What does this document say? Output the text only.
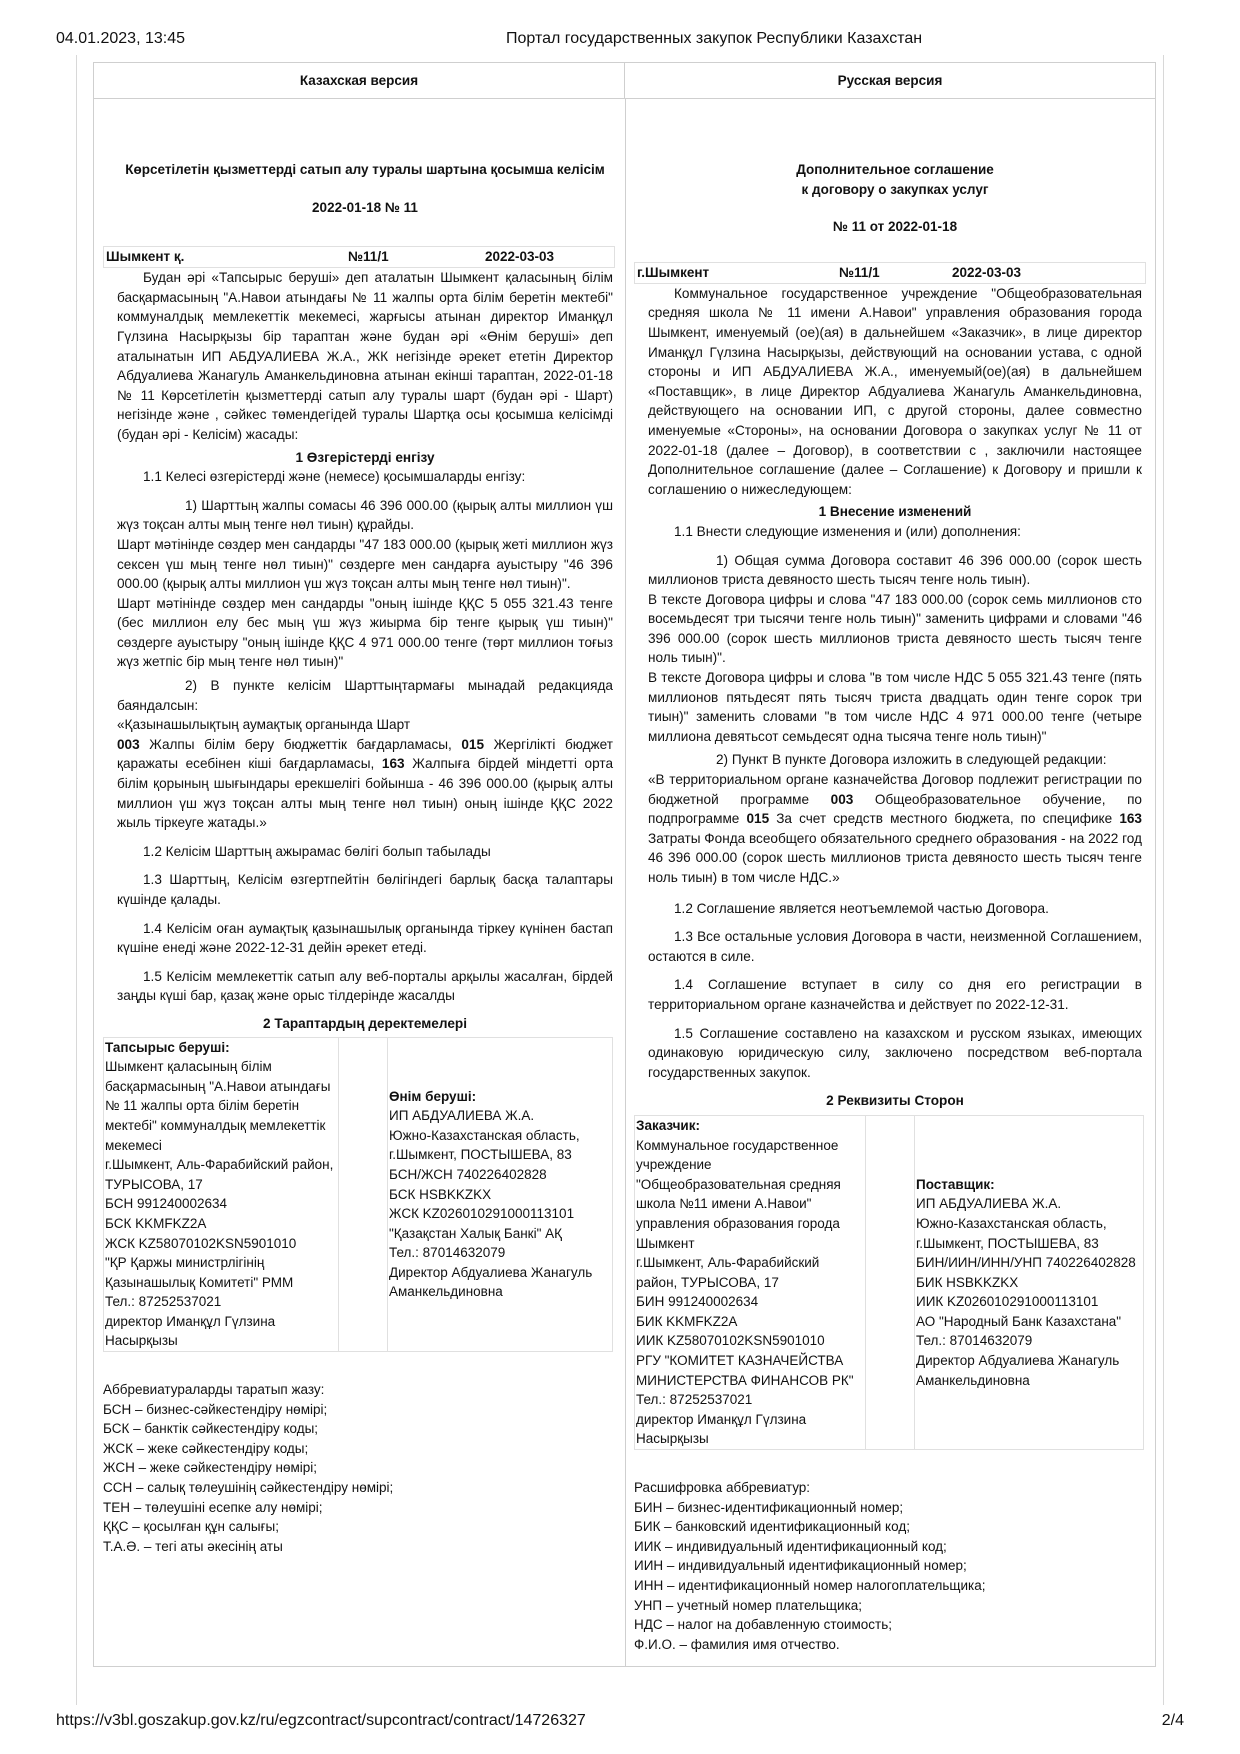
04.01.2023, 13:45	Портал государственных закупок Республики Казахстан
Казахская версия	Русская версия

Көрсетілетін қызметтерді сатып алу туралы шартына қосымша келісім

2022-01-18 № 11

Шымкент қ.	№11/1	2022-03-03

Будан әрі «Тапсырыс беруші» деп аталатын Шымкент қаласының білім басқармасының "А.Навои атындағы № 11 жалпы орта білім беретін мектебі" коммуналдық мемлекеттік мекемесі, жарғысы атынан директор Иманқұл Гүлзина Насырқызы бір тараптан және будан әрі «Өнім беруші» деп аталынатын ИП АБДУАЛИЕВА Ж.А., ЖК негізінде әрекет ететін Директор Абдуалиева Жанагуль Аманкельдиновна атынан екінші тарaптан, 2022-01-18 № 11 Көрсетілетін қызметтерді сатып алу туралы шарт (будан әрі - Шарт) негізінде және , сәйкес төмендегідей туралы Шартқа осы қосымша келісімді (будан әрі - Келісім) жасады:

1 Өзгерістерді енгізу

1.1 Келесі өзгерістерді және (немесе) қосымшаларды енгізу:

1) Шарттың жалпы сомасы 46 396 000.00 (қырық алты миллион үш жүз тоқсан алты мың тенге нөл тиын) құрайды.

Шарт мәтінінде сөздер мен сандарды "47 183 000.00 (қырық жеті миллион жүз сексен үш мың тенге нөл тиын)" сөздерге мен сандарға ауыстыру "46 396 000.00 (қырық алты миллион үш жүз тоқсан алты мың тенге нөл тиын)".

Шарт мәтінінде сөздер мен сандарды "оның ішінде ҚҚС 5 055 321.43 тенге (бес миллион елу бес мың үш жүз жиырма бір тенге қырық үш тиын)" сөздерге ауыстыру "оның ішінде ҚҚС 4 971 000.00 тенге (төрт миллион тоғыз жүз жетпіс бір мың тенге нөл тиын)"

2) В пункте келісім Шарттыңтармағы мынадай редакцияда баяндалсын:

«Қазынашылықтың аумақтық органында Шарт

003 Жалпы білім беру бюджеттік бағдарламасы, 015 Жергілікті бюджет қаражаты есебінен кіші бағдарламасы, 163 Жалпыға бірдей міндетті орта білім қорының шығындары ерекшелігі бойынша - 46 396 000.00 (қырық алты миллион үш жүз тоқсан алты мың тенге нөл тиын) оның ішінде ҚҚС 2022 жыль тіркеуге жатады.»

1.2 Келісім Шарттың ажырамас бөлігі болып табылады

1.3 Шарттың, Келісім өзгертпейтін бөлігіндегі барлық басқа талаптары күшінде қалады.

1.4 Келісім оған аумақтық қазынашылық органында тіркеу күнінен бастап күшіне енеді және 2022-12-31 дейін әрекет етеді.

1.5 Келісім мемлекеттік сатып алу веб-порталы арқылы жасалған, бірдей заңды күші бар, қазақ және орыс тілдерінде жасалды

2 Тараптардың деректемелері
Тапсырыс беруші:
Шымкент қаласының білім басқармасының "А.Навои атындағы № 11 жалпы орта білім беретін мектебі" коммуналдық мемлекеттік мекемесі
г.Шымкент, Аль-Фарабийский район, ТУРЫСОВА, 17
БСН 991240002634
БСК KKMFKZ2A
ЖСК KZ58070102KSN5901010
"ҚР Қаржы министрлігінің Қазынашылық Комитеті" РММ
Тел.: 87252537021
директор Иманқұл Гүлзина Насырқызы
		Өнім беруші:
ИП АБДУАЛИЕВА Ж.А.
Южно-Казахстанская область, г.Шымкент, ПОСТЫШЕВА, 83
БСН/ЖСН 740226402828
БСК HSBKKZKX
ЖСК KZ026010291000113101
"Қазақстан Халық Банкі" АҚ
Тел.: 87014632079
Директор Абдуалиева Жанагуль Аманкельдиновна
Аббревиатураларды таратып жазу:
БСН – бизнес-сәйкестендіру нөмірі;
БСК – банктік сәйкестендіру коды;
ЖСК – жеке сәйкестендіру коды;
ЖСН – жеке сәйкестендіру нөмірі;
ССН – салық төлеушінің сәйкестендіру нөмірі;
ТЕН – төлеушіні есепке алу нөмірі;
ҚҚС – қосылған құн салығы;
Т.А.Ә. – тегі аты әкесінің аты

Дополнительное соглашение

к договору о закупках услуг

№ 11 от 2022-01-18

г.Шымкент	№11/1	2022-03-03

Коммунальное государственное учреждение "Общеобразовательная средняя школа № 11 имени А.Навои" управления образования города Шымкент, именуемый (ое)(ая) в дальнейшем «Заказчик», в лице директор Иманқұл Гүлзина Насырқызы, действующий на основании устава, с одной стороны и ИП АБДУАЛИЕВА Ж.А., именуемый(ое)(ая) в дальнейшем «Поставщик», в лице Директор Абдуалиева Жанагуль Аманкельдиновна, действующего на основании ИП, с другой стороны, далее совместно именуемые «Стороны», на основании Договора о закупках услуг № 11 от 2022-01-18 (далее – Договор), в соответствии с , заключили настоящее Дополнительное соглашение (далее – Соглашение) к Договору и пришли к соглашению о нижеследующем:

1 Внесение изменений

1.1 Внести следующие изменения и (или) дополнения:

1) Общая сумма Договора составит 46 396 000.00 (сорок шесть миллионов триста девяносто шесть тысяч тенге ноль тиын).

В тексте Договора цифры и слова "47 183 000.00 (сорок семь миллионов сто восемьдесят три тысячи тенге ноль тиын)" заменить цифрами и словами "46 396 000.00 (сорок шесть миллионов триста девяносто шесть тысяч тенге ноль тиын)".

В тексте Договора цифры и слова "в том числе НДС 5 055 321.43 тенге (пять миллионов пятьдесят пять тысяч триста двадцать один тенге сорок три тиын)" заменить словами "в том числе НДС 4 971 000.00 тенге (четыре миллиона девятьсот семьдесят одна тысяча тенге ноль тиын)"

2) Пункт В пункте Договора изложить в следующей редакции:

«В территориальном органе казначейства Договор подлежит регистрации по бюджетной программе 003 Общеобразовательное обучение, по подпрограмме 015 За счет средств местного бюджета, по специфике 163 Затраты Фонда всеобщего обязательного среднего образования - на 2022 год 46 396 000.00 (сорок шесть миллионов триста девяносто шесть тысяч тенге ноль тиын) в том числе НДС.»

1.2 Соглашение является неотъемлемой частью Договора.

1.3 Все остальные условия Договора в части, неизменной Соглашением, остаются в силе.

1.4 Соглашение вступает в силу со дня его регистрации в территориальном органе казначейства и действует по 2022-12-31.

1.5 Соглашение составлено на казахском и русском языках, имеющих одинаковую юридическую силу, заключено посредством веб-портала государственных закупок.

2 Реквизиты Сторон
Заказчик:
Коммунальное государственное учреждение "Общеобразовательная средняя школа №11 имени А.Навои" управления образования города Шымкент
г.Шымкент, Аль-Фарабийский район, ТУРЫСОВА, 17
БИН 991240002634
БИК KKMFKZ2A
ИИК KZ58070102KSN5901010
РГУ "КОМИТЕТ КАЗНАЧЕЙСТВА МИНИСТЕРСТВА ФИНАНСОВ РК"
Тел.: 87252537021
директор Иманқұл Гүлзина Насырқызы
		Поставщик:
ИП АБДУАЛИЕВА Ж.А.
Южно-Казахстанская область, г.Шымкент, ПОСТЫШЕВА, 83
БИН/ИИН/ИНН/УНП 740226402828
БИК HSBKKZKX
ИИК KZ026010291000113101
АО "Народный Банк Казахстана"
Тел.: 87014632079
Директор Абдуалиева Жанагуль Аманкельдиновна
Расшифровка аббревиатур:
БИН – бизнес-идентификационный номер;
БИК – банковский идентификационный код;
ИИК – индивидуальный идентификационный код;
ИИН – индивидуальный идентификационный номер;
ИНН – идентификационный номер налогоплательщика;
УНП – учетный номер плательщика;
НДС – налог на добавленную стоимость;
Ф.И.О. – фамилия имя отчество.
https://v3bl.goszakup.gov.kz/ru/egzcontract/supcontract/contract/14726327	2/4
